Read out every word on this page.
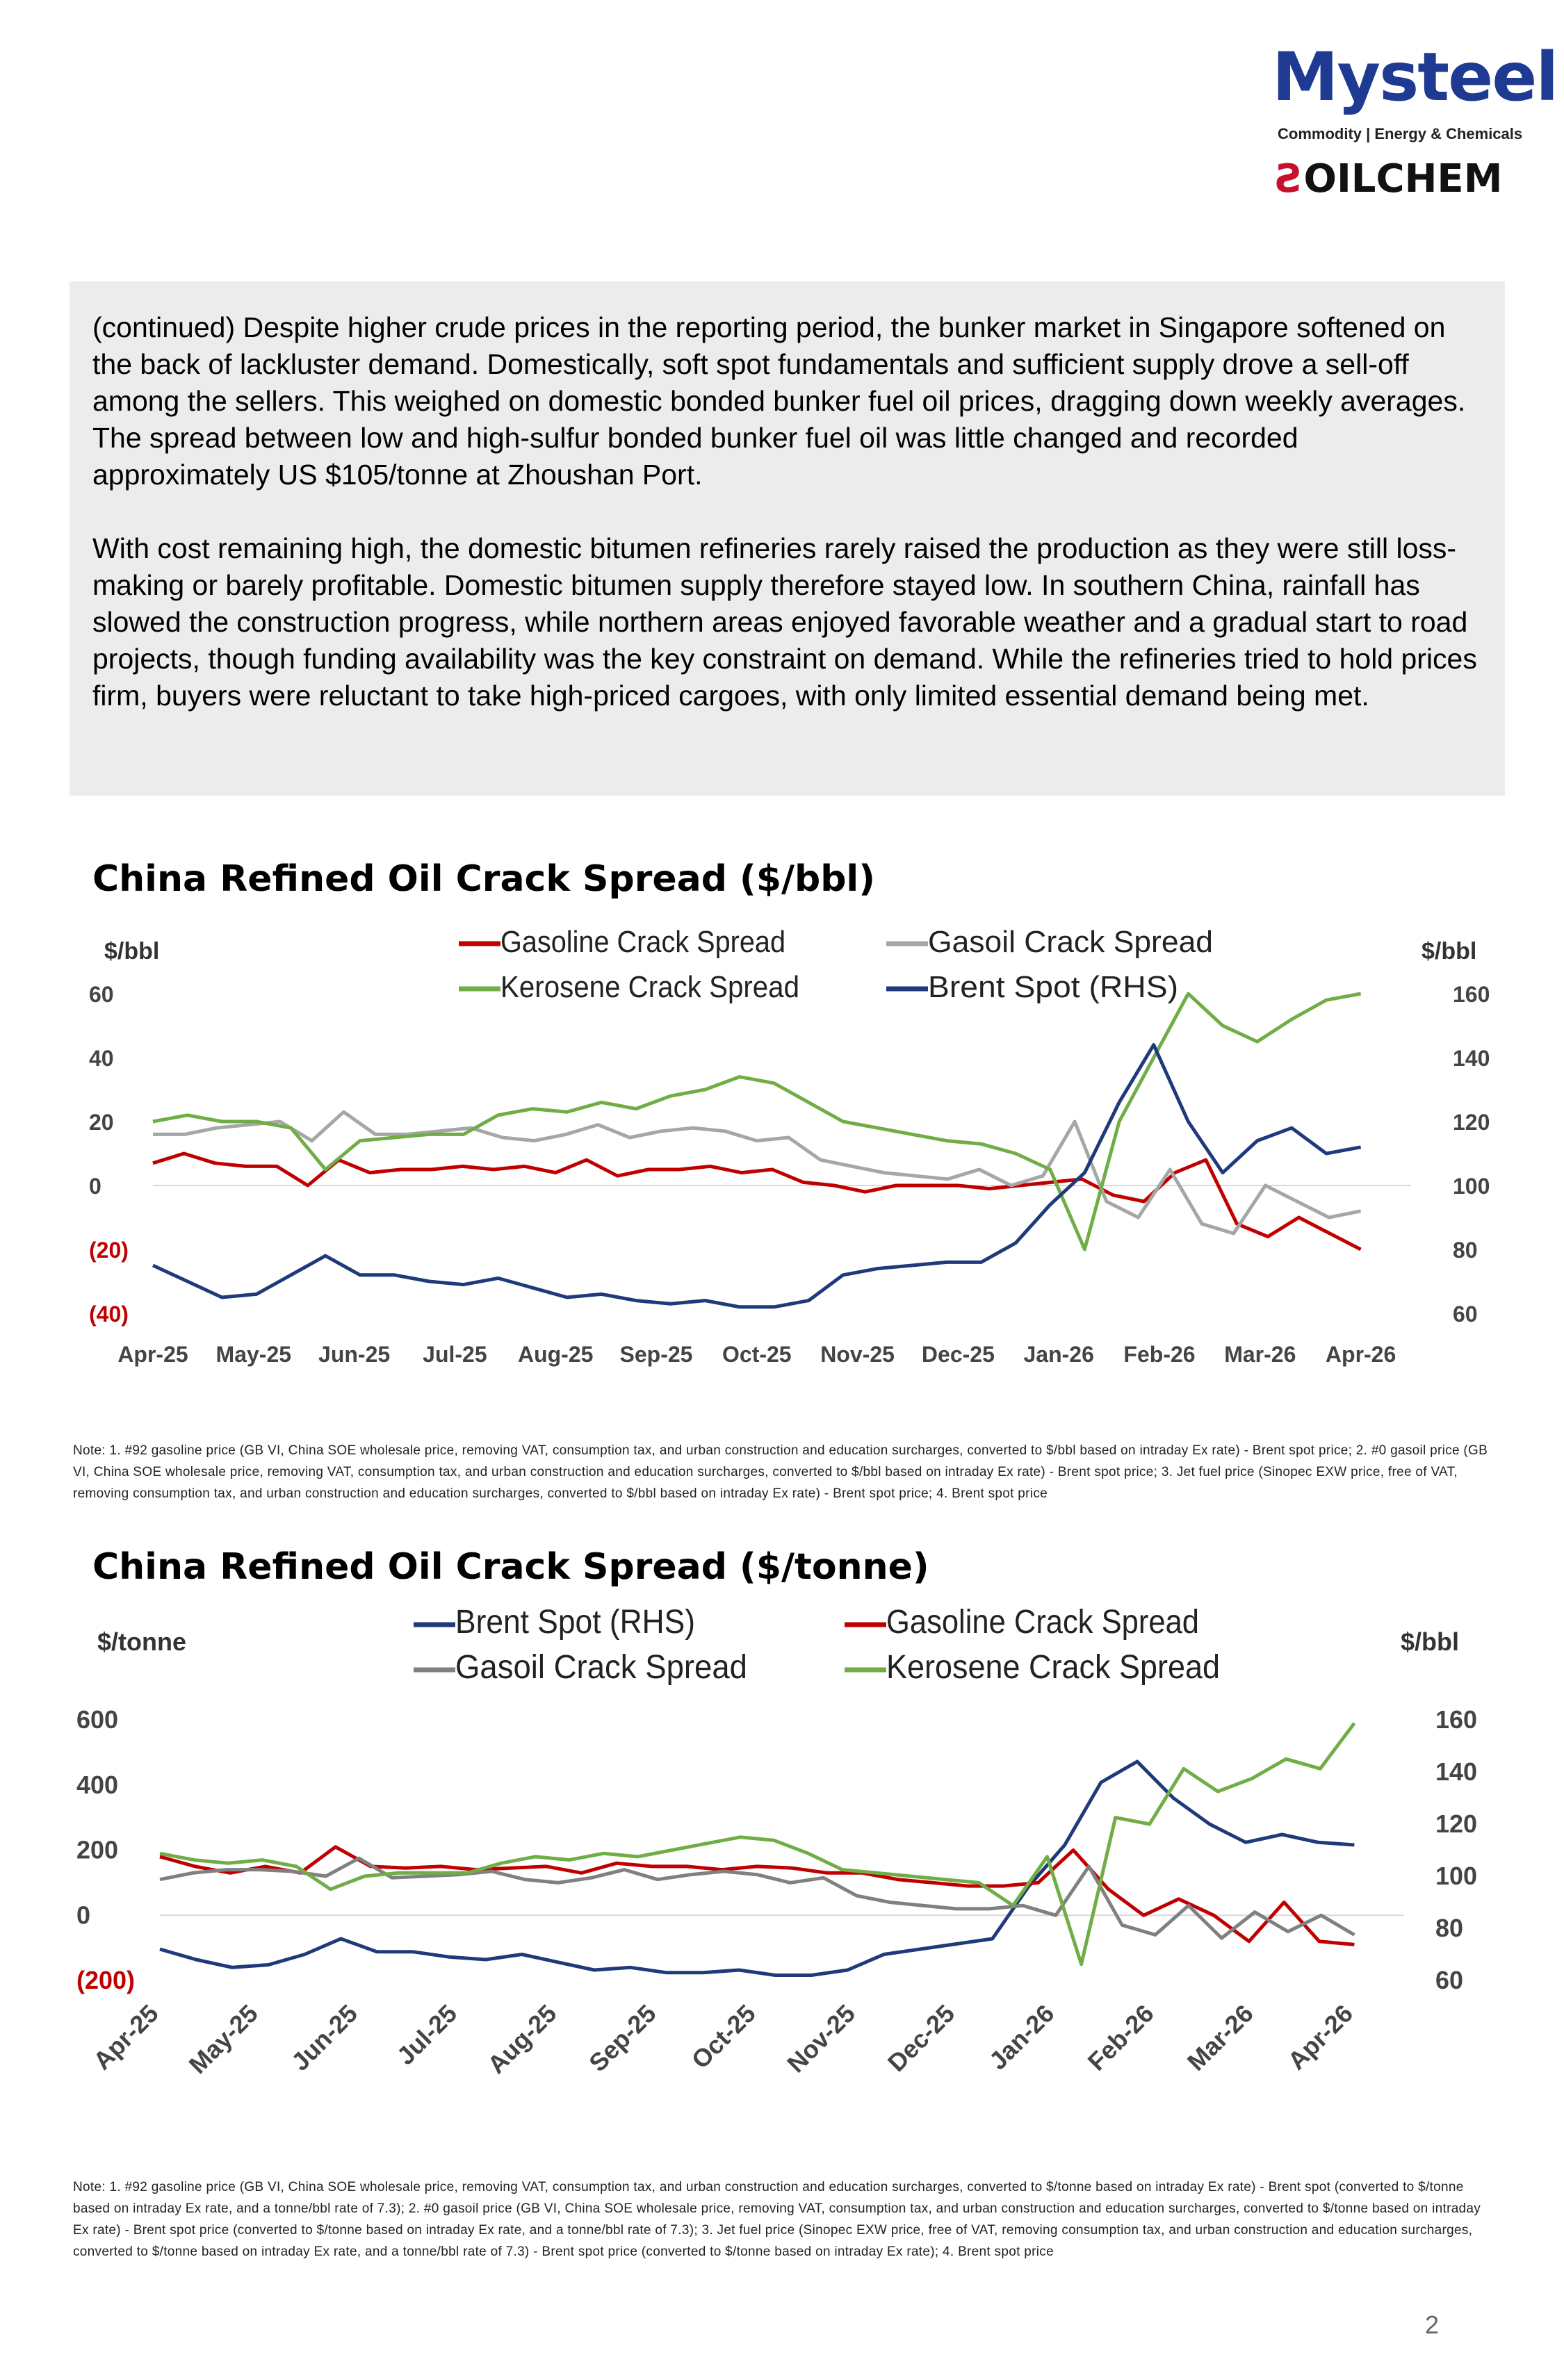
Mysteel
Commodity | Energy & Chemicals
ƧOILCHEM

(continued) Despite higher crude prices in the reporting period, the bunker market in Singapore softened on the back of lackluster demand. Domestically, soft spot fundamentals and sufficient supply drove a sell-off among the sellers. This weighed on domestic bonded bunker fuel oil prices, dragging down weekly averages. The spread between low and high-sulfur bonded bunker fuel oil was little changed and recorded approximately US $105/tonne at Zhoushan Port.

With cost remaining high, the domestic bitumen refineries rarely raised the production as they were still loss-making or barely profitable. Domestic bitumen supply therefore stayed low. In southern China, rainfall has slowed the construction progress, while northern areas enjoyed favorable weather and a gradual start to road projects, though funding availability was the key constraint on demand. While the refineries tried to hold prices firm, buyers were reluctant to take high-priced cargoes, with only limited essential demand being met.

China Refined Oil Crack Spread ($/bbl)
$/bbl	$/bbl
60
40
20
0
(20)
(40)
160
140
120
100
80
60
Apr-25 May-25 Jun-25 Jul-25 Aug-25 Sep-25 Oct-25 Nov-25 Dec-25 Jan-26 Feb-26 Mar-26 Apr-26
Gasoline Crack Spread	Gasoil Crack Spread
Kerosene Crack Spread	Brent Spot (RHS)
Note: 1. #92 gasoline price (GB VI, China SOE wholesale price, removing VAT, consumption tax, and urban construction and education surcharges, converted to $/bbl based on intraday Ex rate) - Brent spot price; 2. #0 gasoil price (GB VI, China SOE wholesale price, removing VAT, consumption tax, and urban construction and education surcharges, converted to $/bbl based on intraday Ex rate) - Brent spot price; 3. Jet fuel price (Sinopec EXW price, free of VAT, removing consumption tax, and urban construction and education surcharges, converted to $/bbl based on intraday Ex rate) - Brent spot price; 4. Brent spot price
China Refined Oil Crack Spread ($/tonne)
$/tonne	$/bbl
600
400
200
0
(200)
160
140
120
100
80
60
Apr-25 May-25 Jun-25 Jul-25 Aug-25 Sep-25 Oct-25 Nov-25 Dec-25 Jan-26 Feb-26 Mar-26 Apr-26
Brent Spot (RHS)	Gasoline Crack Spread
Gasoil Crack Spread	Kerosene Crack Spread
Note: 1. #92 gasoline price (GB VI, China SOE wholesale price, removing VAT, consumption tax, and urban construction and education surcharges, converted to $/tonne based on intraday Ex rate) - Brent spot (converted to $/tonne based on intraday Ex rate, and a tonne/bbl rate of 7.3); 2. #0 gasoil price (GB VI, China SOE wholesale price, removing VAT, consumption tax, and urban construction and education surcharges, converted to $/tonne based on intraday Ex rate) - Brent spot price (converted to $/tonne based on intraday Ex rate, and a tonne/bbl rate of 7.3); 3. Jet fuel price (Sinopec EXW price, free of VAT, removing consumption tax, and urban construction and education surcharges, converted to $/tonne based on intraday Ex rate, and a tonne/bbl rate of 7.3) - Brent spot price (converted to $/tonne based on intraday Ex rate); 4. Brent spot price
2
